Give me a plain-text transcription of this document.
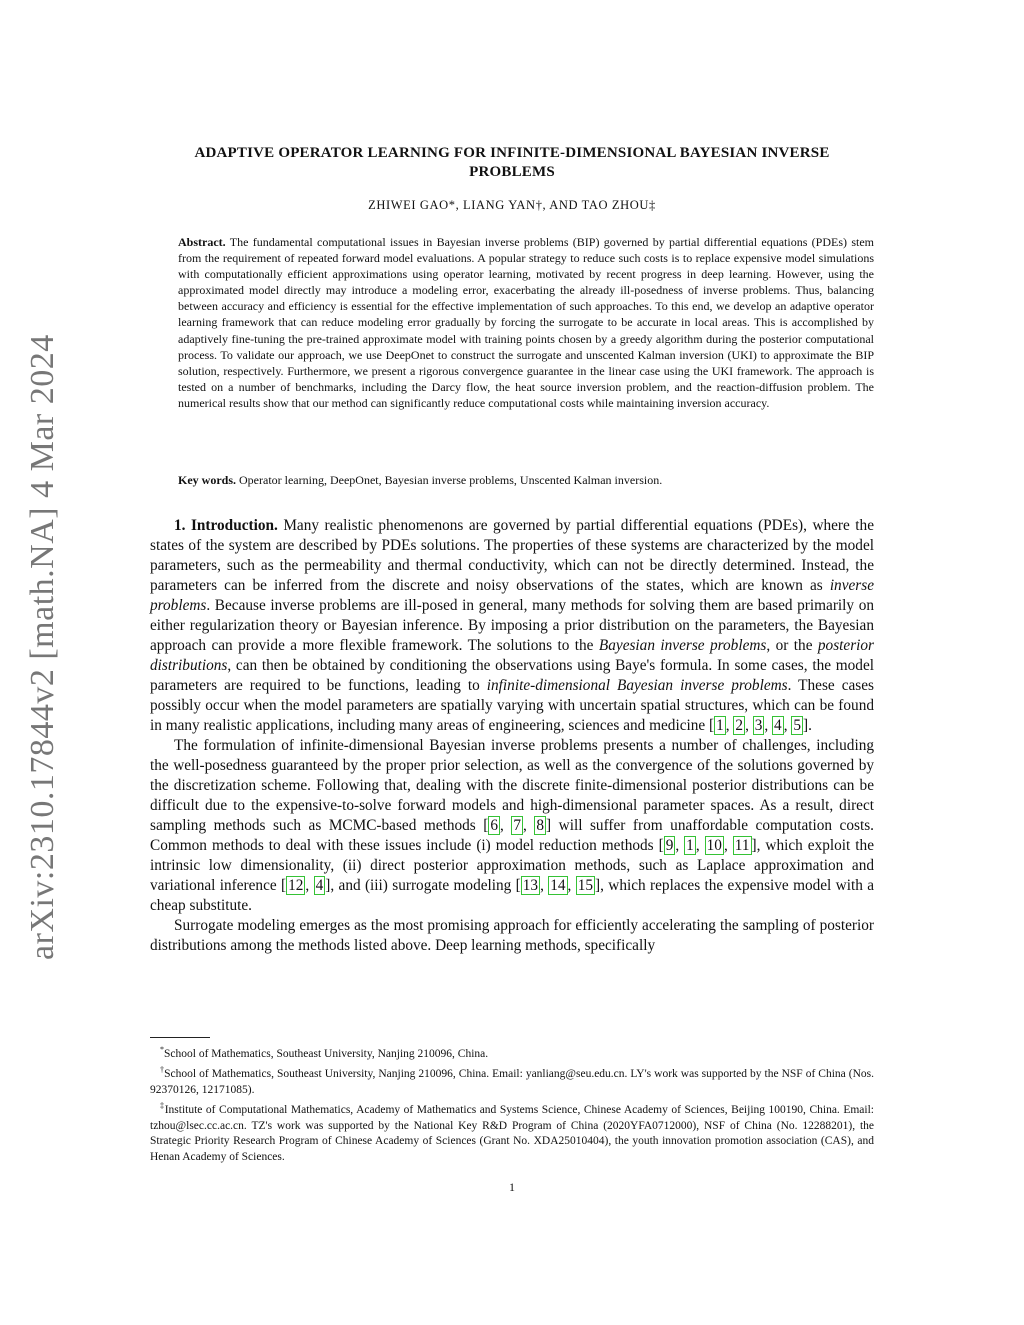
arXiv:2310.17844v2 [math.NA] 4 Mar 2024
ADAPTIVE OPERATOR LEARNING FOR INFINITE-DIMENSIONAL BAYESIAN INVERSE PROBLEMS
ZHIWEI GAO*, LIANG YAN†, AND TAO ZHOU‡
Abstract. The fundamental computational issues in Bayesian inverse problems (BIP) governed by partial differential equations (PDEs) stem from the requirement of repeated forward model evaluations. A popular strategy to reduce such costs is to replace expensive model simulations with computationally efficient approximations using operator learning, motivated by recent progress in deep learning. However, using the approximated model directly may introduce a modeling error, exacerbating the already ill-posedness of inverse problems. Thus, balancing between accuracy and efficiency is essential for the effective implementation of such approaches. To this end, we develop an adaptive operator learning framework that can reduce modeling error gradually by forcing the surrogate to be accurate in local areas. This is accomplished by adaptively fine-tuning the pre-trained approximate model with training points chosen by a greedy algorithm during the posterior computational process. To validate our approach, we use DeepOnet to construct the surrogate and unscented Kalman inversion (UKI) to approximate the BIP solution, respectively. Furthermore, we present a rigorous convergence guarantee in the linear case using the UKI framework. The approach is tested on a number of benchmarks, including the Darcy flow, the heat source inversion problem, and the reaction-diffusion problem. The numerical results show that our method can significantly reduce computational costs while maintaining inversion accuracy.
Key words. Operator learning, DeepOnet, Bayesian inverse problems, Unscented Kalman inversion.

1. Introduction. Many realistic phenomenons are governed by partial differential equations (PDEs), where the states of the system are described by PDEs solutions. The properties of these systems are characterized by the model parameters, such as the permeability and thermal conductivity, which can not be directly determined. Instead, the parameters can be inferred from the discrete and noisy observations of the states, which are known as inverse problems. Because inverse problems are ill-posed in general, many methods for solving them are based primarily on either regularization theory or Bayesian inference. By imposing a prior distribution on the parameters, the Bayesian approach can provide a more flexible framework. The solutions to the Bayesian inverse problems, or the posterior distributions, can then be obtained by conditioning the observations using Baye's formula. In some cases, the model parameters are required to be functions, leading to infinite-dimensional Bayesian inverse problems. These cases possibly occur when the model parameters are spatially varying with uncertain spatial structures, which can be found in many realistic applications, including many areas of engineering, sciences and medicine [ 1 , 2 , 3 , 4 , 5 ].

The formulation of infinite-dimensional Bayesian inverse problems presents a number of challenges, including the well-posedness guaranteed by the proper prior selection, as well as the convergence of the solutions governed by the discretization scheme. Following that, dealing with the discrete finite-dimensional posterior distributions can be difficult due to the expensive-to-solve forward models and high-dimensional parameter spaces. As a result, direct sampling methods such as MCMC-based methods [ 6 , 7 , 8 ] will suffer from unaffordable computation costs. Common methods to deal with these issues include (i) model reduction methods [ 9 , 1 , 10 , 11 ], which exploit the intrinsic low dimensionality, (ii) direct posterior approximation methods, such as Laplace approximation and variational inference [ 12 , 4 ], and (iii) surrogate modeling [ 13 , 14 , 15 ], which replaces the expensive model with a cheap substitute.

Surrogate modeling emerges as the most promising approach for efficiently accelerating the sampling of posterior distributions among the methods listed above. Deep learning methods, specifically

*School of Mathematics, Southeast University, Nanjing 210096, China.

†School of Mathematics, Southeast University, Nanjing 210096, China. Email: yanliang@seu.edu.cn. LY's work was supported by the NSF of China (Nos. 92370126, 12171085).

‡Institute of Computational Mathematics, Academy of Mathematics and Systems Science, Chinese Academy of Sciences, Beijing 100190, China. Email: tzhou@lsec.cc.ac.cn. TZ's work was supported by the National Key R&D Program of China (2020YFA0712000), NSF of China (No. 12288201), the Strategic Priority Research Program of Chinese Academy of Sciences (Grant No. XDA25010404), the youth innovation promotion association (CAS), and Henan Academy of Sciences.

1
